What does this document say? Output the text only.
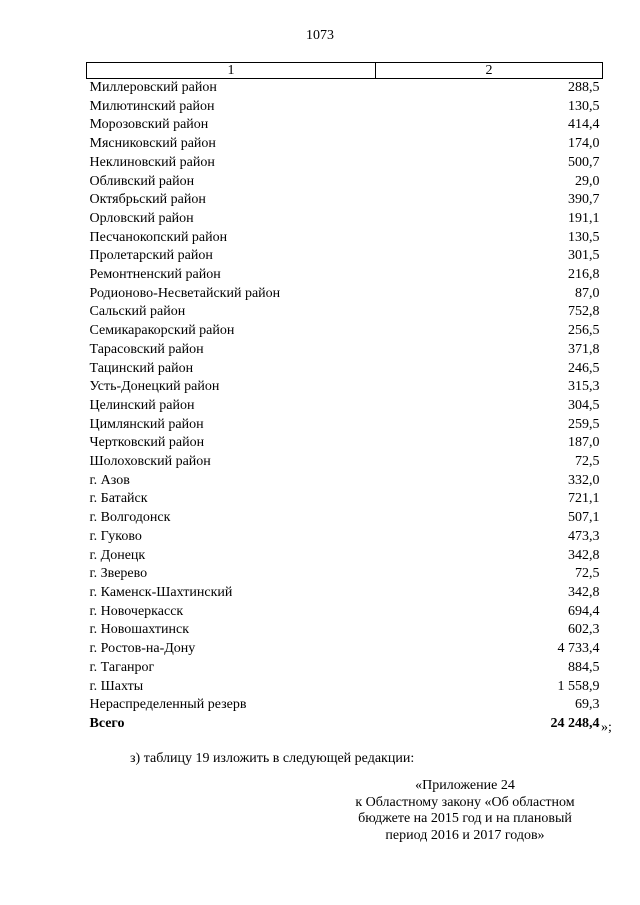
1073
1	2
Миллеровский район	288,5
Милютинский район	130,5
Морозовский район	414,4
Мясниковский район	174,0
Неклиновский район	500,7
Обливский район	29,0
Октябрьский район	390,7
Орловский район	191,1
Песчанокопский район	130,5
Пролетарский район	301,5
Ремонтненский район	216,8
Родионово-Несветайский район	87,0
Сальский район	752,8
Семикаракорский район	256,5
Тарасовский район	371,8
Тацинский район	246,5
Усть-Донецкий район	315,3
Целинский район	304,5
Цимлянский район	259,5
Чертковский район	187,0
Шолоховский район	72,5
г. Азов	332,0
г. Батайск	721,1
г. Волгодонск	507,1
г. Гуково	473,3
г. Донецк	342,8
г. Зверево	72,5
г. Каменск-Шахтинский	342,8
г. Новочеркасск	694,4
г. Новошахтинск	602,3
г. Ростов-на-Дону	4 733,4
г. Таганрог	884,5
г. Шахты	1 558,9
Нераспределенный резерв	69,3
Всего	24 248,4 »;
з) таблицу 19 изложить в следующей редакции:
«Приложение 24
к Областному закону «Об областном
бюджете на 2015 год и на плановый
период 2016 и 2017 годов»
